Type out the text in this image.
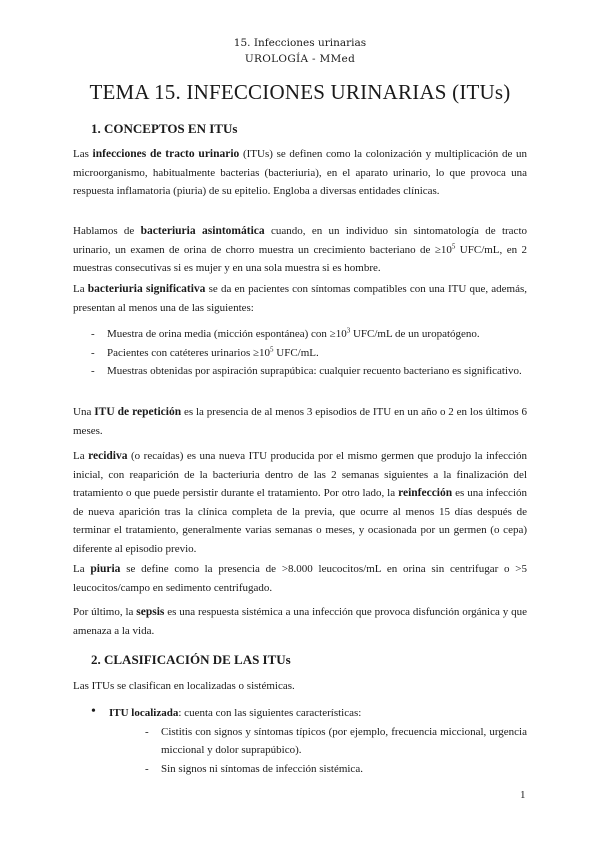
15. Infecciones urinarias
UROLOGÍA - MMed
TEMA 15. INFECCIONES URINARIAS (ITUs)
1. CONCEPTOS EN ITUs

Las infecciones de tracto urinario (ITUs) se definen como la colonización y multiplicación de un microorganismo, habitualmente bacterias (bacteriuria), en el aparato urinario, lo que provoca una respuesta inflamatoria (piuria) de su epitelio. Engloba a diversas entidades clínicas.

Hablamos de bacteriuria asintomática cuando, en un individuo sin sintomatología de tracto urinario, un examen de orina de chorro muestra un crecimiento bacteriano de $\ge 10^5$ UFC/mL, en 2 muestras consecutivas si es mujer y en una sola muestra si es hombre.

La bacteriuria significativa se da en pacientes con síntomas compatibles con una ITU que, además, presentan al menos una de las siguientes:

- Muestra de orina media (micción espontánea) con $\ge 10^3$ UFC/mL de un uropatógeno.
- Pacientes con catéteres urinarios $\ge 10^5$ UFC/mL.
- Muestras obtenidas por aspiración suprapúbica: cualquier recuento bacteriano es significativo.

Una ITU de repetición es la presencia de al menos 3 episodios de ITU en un año o 2 en los últimos 6 meses.

La recidiva (o recaídas) es una nueva ITU producida por el mismo germen que produjo la infección inicial, con reaparición de la bacteriuria dentro de las 2 semanas siguientes a la finalización del tratamiento o que puede persistir durante el tratamiento. Por otro lado, la reinfección es una infección de nueva aparición tras la clínica completa de la previa, que ocurre al menos 15 días después de terminar el tratamiento, generalmente varias semanas o meses, y ocasionada por un germen (o cepa) diferente al episodio previo.

La piuria se define como la presencia de >8.000 leucocitos/mL en orina sin centrifugar o >5 leucocitos/campo en sedimento centrifugado.

Por último, la sepsis es una respuesta sistémica a una infección que provoca disfunción orgánica y que amenaza a la vida.

2. CLASIFICACIÓN DE LAS ITUs

Las ITUs se clasifican en localizadas o sistémicas.

• ITU localizada: cuenta con las siguientes características:
- Cistitis con signos y síntomas típicos (por ejemplo, frecuencia miccional, urgencia miccional y dolor suprapúbico).
- Sin signos ni síntomas de infección sistémica.
1
